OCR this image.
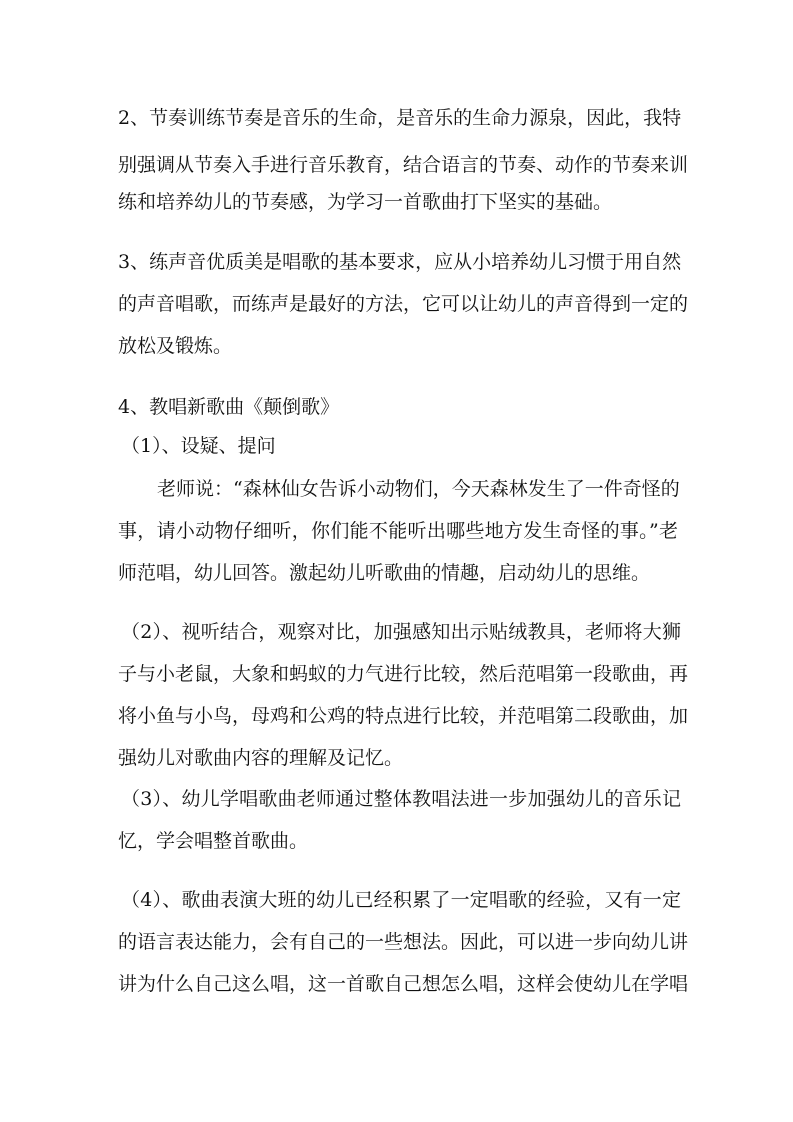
2、节奏训练节奏是音乐的生命，是音乐的生命力源泉，因此，我特
别强调从节奏入手进行音乐教育，结合语言的节奏、动作的节奏来训
练和培养幼儿的节奏感，为学习一首歌曲打下坚实的基础。
3、练声音优质美是唱歌的基本要求，应从小培养幼儿习惯于用自然
的声音唱歌，而练声是最好的方法，它可以让幼儿的声音得到一定的
放松及锻炼。
4、教唱新歌曲《颠倒歌》
（1）、设疑、提问
老师说：“森林仙女告诉小动物们，今天森林发生了一件奇怪的
事，请小动物仔细听，你们能不能听出哪些地方发生奇怪的事。”老
师范唱，幼儿回答。激起幼儿听歌曲的情趣，启动幼儿的思维。
（2）、视听结合，观察对比，加强感知出示贴绒教具，老师将大狮
子与小老鼠，大象和蚂蚁的力气进行比较，然后范唱第一段歌曲，再
将小鱼与小鸟，母鸡和公鸡的特点进行比较，并范唱第二段歌曲，加
强幼儿对歌曲内容的理解及记忆。
（3）、幼儿学唱歌曲老师通过整体教唱法进一步加强幼儿的音乐记
忆，学会唱整首歌曲。
（4）、歌曲表演大班的幼儿已经积累了一定唱歌的经验，又有一定
的语言表达能力，会有自己的一些想法。因此，可以进一步向幼儿讲
讲为什么自己这么唱，这一首歌自己想怎么唱，这样会使幼儿在学唱
